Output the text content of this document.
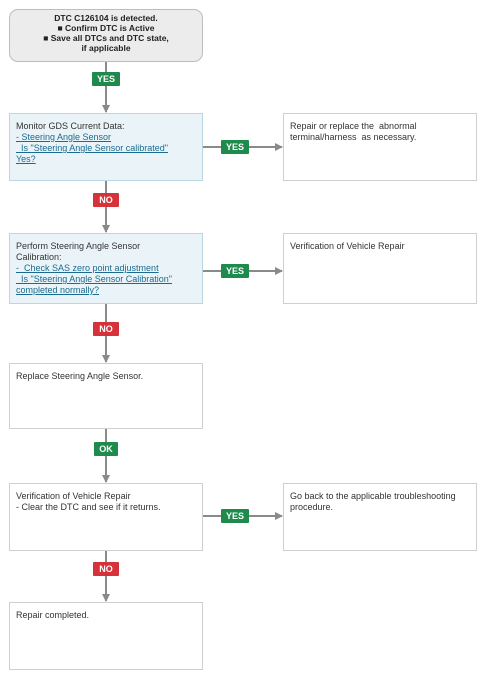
DTC C126104 is detected.
■ Confirm DTC is Active
■ Save all DTCs and DTC state,
if applicable
YES
Monitor GDS Current Data:
- Steering Angle Sensor
Is "Steering Angle Sensor calibrated"
Yes?
YES
Repair or replace the  abnormal
terminal/harness  as necessary.
NO
Perform Steering Angle Sensor
Calibration:
-  Check SAS zero point adjustment
Is "Steering Angle Sensor Calibration"
completed normally?
YES
Verification of Vehicle Repair
NO
Replace Steering Angle Sensor.
OK
Verification of Vehicle Repair
- Clear the DTC and see if it returns.
YES
Go back to the applicable troubleshooting
procedure.
NO
Repair completed.
